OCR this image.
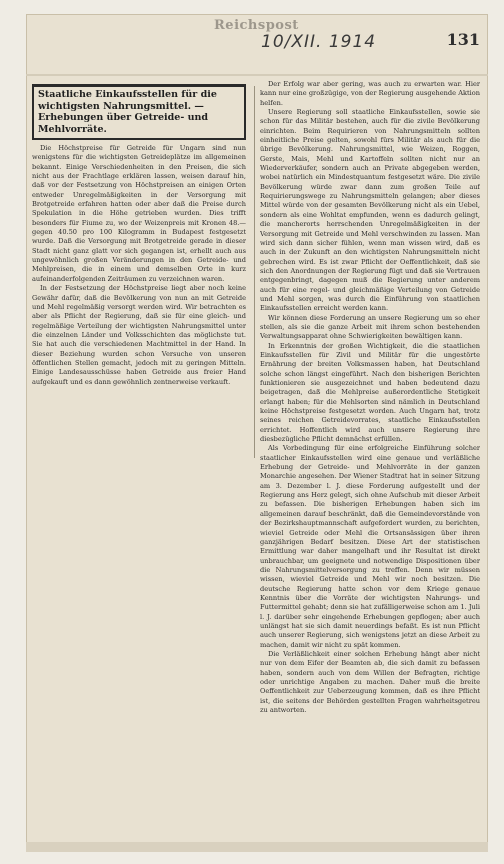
Reichspost
10/XII. 1914	131
Staatliche Einkaufsstellen für die wichtigsten Nahrungsmittel. — Erhebungen über Getreide- und Mehlvorräte.

Die Höchstpreise für Getreide für Ungarn sind nun wenigstens für die wichtigsten Getreideplätze im allgemeinen bekannt. Einige Verschiedenheiten in den Preisen, die sich nicht aus der Frachtlage erklären lassen, weisen darauf hin, daß vor der Festsetzung von Höchstpreisen an einigen Orten entweder Unregelmäßigkeiten in der Versorgung mit Brotgetreide erfahren hatten oder aber daß die Preise durch Spekulation in die Höhe getrieben wurden. Dies trifft besonders für Fiume zu, wo der Weizenpreis mit Kronen 48.— gegen 40.50 pro 100 Kilogramm in Budapest festgesetzt wurde. Daß die Versorgung mit Brotgetreide gerade in dieser Stadt nicht ganz glatt vor sich gegangen ist, erhellt auch aus ungewöhnlich großen Veränderungen in den Getreide- und Mehlpreisen, die in einem und demselben Orte in kurz aufeinanderfolgenden Zeiträumen zu verzeichnen waren.

In der Festsetzung der Höchstpreise liegt aber noch keine Gewähr dafür, daß die Bevölkerung von nun an mit Getreide und Mehl regelmäßig versorgt werden wird. Wir betrachten es aber als Pflicht der Regierung, daß sie für eine gleich- und regelmäßige Verteilung der wichtigsten Nahrungsmittel unter die einzelnen Länder und Volksschichten das möglichste tut. Sie hat auch die verschiedenen Machtmittel in der Hand. In dieser Beziehung wurden schon Versuche von unseren öffentlichen Stellen gemacht, jedoch mit zu geringen Mitteln. Einige Landesausschüsse haben Getreide aus freier Hand aufgekauft und es dann gewöhnlich zentnerweise verkauft.

Der Erfolg war aber gering, was auch zu erwarten war. Hier kann nur eine großzügige, von der Regierung ausgehende Aktion helfen.

Unsere Regierung soll staatliche Einkaufsstellen, sowie sie schon für das Militär bestehen, auch für die zivile Bevölkerung einrichten. Beim Requirieren von Nahrungsmitteln sollten einheitliche Preise gelten, sowohl fürs Militär als auch für die übrige Bevölkerung. Nahrungsmittel, wie Weizen, Roggen, Gerste, Mais, Mehl und Kartoffeln sollten nicht nur an Wiederverkäufer, sondern auch an Private abgegeben werden, wobei natürlich ein Mindestquantum festgesetzt wäre. Die zivile Bevölkerung würde zwar dann zum großen Teile auf Requirierungswege zu Nahrungsmitteln gelangen; aber dieses Mittel würde von der gesamten Bevölkerung nicht als ein Uebel, sondern als eine Wohltat empfunden, wenn es dadurch gelingt, die mancherorts herrschenden Unregelmäßigkeiten in der Versorgung mit Getreide und Mehl verschwinden zu lassen. Man wird sich dann sicher fühlen, wenn man wissen wird, daß es auch in der Zukunft an den wichtigsten Nahrungsmitteln nicht gebrechen wird. Es ist zwar Pflicht der Oeffentlichkeit, daß sie sich den Anordnungen der Regierung fügt und daß sie Vertrauen entgegenbringt, dagegen muß die Regierung unter anderem auch für eine regel- und gleichmäßige Verteilung von Getreide und Mehl sorgen, was durch die Einführung von staatlichen Einkaufsstellen erreicht werden kann.

Wir können diese Forderung an unsere Regierung um so eher stellen, als sie die ganze Arbeit mit ihrem schon bestehenden Verwaltungsapparat ohne Schwierigkeiten bewältigen kann.

In Erkenntnis der großen Wichtigkeit, die die staatlichen Einkaufsstellen für Zivil und Militär für die ungestörte Ernährung der breiten Volksmassen haben, hat Deutschland solche schon längst eingeführt. Nach den bisherigen Berichten funktionieren sie ausgezeichnet und haben bedeutend dazu beigetragen, daß die Mehlpreise außerordentliche Stetigkeit erlangt haben; für die Mehlsorten sind nämlich in Deutschland keine Höchstpreise festgesetzt worden. Auch Ungarn hat, trotz seines reichen Getreidevorrates, staatliche Einkaufsstellen errichtet. Hoffentlich wird auch unsere Regierung ihre diesbezügliche Pflicht demnächst erfüllen.

Als Vorbedingung für eine erfolgreiche Einführung solcher staatlicher Einkaufsstellen wird eine genaue und verläßliche Erhebung der Getreide- und Mehlvorräte in der ganzen Monarchie angesehen. Der Wiener Stadtrat hat in seiner Sitzung am 3. Dezember l. J. diese Forderung aufgestellt und der Regierung ans Herz gelegt, sich ohne Aufschub mit dieser Arbeit zu befassen. Die bisherigen Erhebungen haben sich im allgemeinen darauf beschränkt, daß die Gemeindevorstände von der Bezirkshauptmannschaft aufgefordert wurden, zu berichten, wieviel Getreide oder Mehl die Ortsansässigen über ihren ganzjährigen Bedarf besitzen. Diese Art der statistischen Ermittlung war daher mangelhaft und ihr Resultat ist direkt unbrauchbar, um geeignete und notwendige Dispositionen über die Nahrungsmittelversorgung zu treffen. Denn wir müssen wissen, wieviel Getreide und Mehl wir noch besitzen. Die deutsche Regierung hatte schon vor dem Kriege genaue Kenntnis über die Vorräte der wichtigsten Nahrungs- und Futtermittel gehabt; denn sie hat zufälligerweise schon am 1. Juli l. J. darüber sehr eingehende Erhebungen gepflogen; aber auch unlängst hat sie sich damit neuerdings befaßt. Es ist nun Pflicht auch unserer Regierung, sich wenigstens jetzt an diese Arbeit zu machen, damit wir nicht zu spät kommen.

Die Verläßlichkeit einer solchen Erhebung hängt aber nicht nur von dem Eifer der Beamten ab, die sich damit zu befassen haben, sondern auch von dem Willen der Befragten, richtige oder unrichtige Angaben zu machen. Daher muß die breite Oeffentlichkeit zur Ueberzeugung kommen, daß es ihre Pflicht ist, die seitens der Behörden gestellten Fragen wahrheitsgetreu zu antworten.
